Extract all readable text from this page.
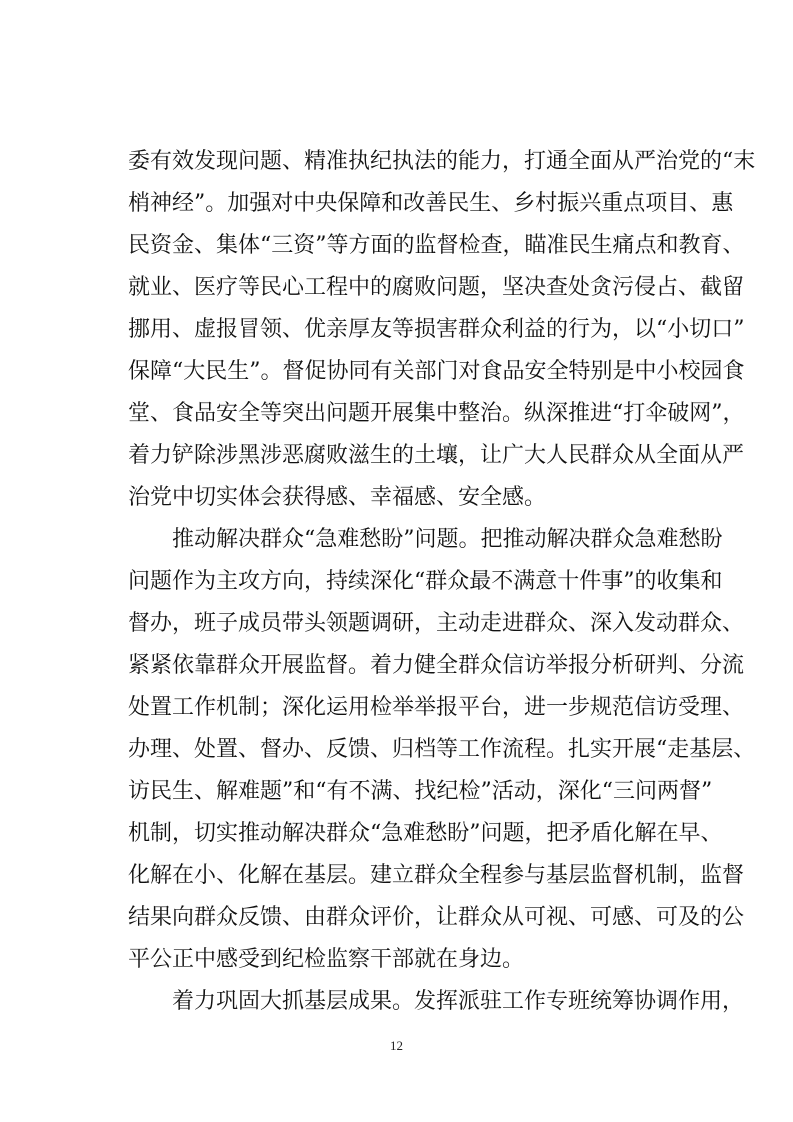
委有效发现问题、精准执纪执法的能力，打通全面从严治党的“末
梢神经”。加强对中央保障和改善民生、乡村振兴重点项目、惠
民资金、集体“三资”等方面的监督检查，瞄准民生痛点和教育、
就业、医疗等民心工程中的腐败问题，坚决查处贪污侵占、截留
挪用、虚报冒领、优亲厚友等损害群众利益的行为，以“小切口”
保障“大民生”。督促协同有关部门对食品安全特别是中小校园食
堂、食品安全等突出问题开展集中整治。纵深推进“打伞破网”，
着力铲除涉黑涉恶腐败滋生的土壤，让广大人民群众从全面从严
治党中切实体会获得感、幸福感、安全感。
推动解决群众“急难愁盼”问题。把推动解决群众急难愁盼
问题作为主攻方向，持续深化“群众最不满意十件事”的收集和
督办，班子成员带头领题调研，主动走进群众、深入发动群众、
紧紧依靠群众开展监督。着力健全群众信访举报分析研判、分流
处置工作机制；深化运用检举举报平台，进一步规范信访受理、
办理、处置、督办、反馈、归档等工作流程。扎实开展“走基层、
访民生、解难题”和“有不满、找纪检”活动，深化“三问两督”
机制，切实推动解决群众“急难愁盼”问题，把矛盾化解在早、
化解在小、化解在基层。建立群众全程参与基层监督机制，监督
结果向群众反馈、由群众评价，让群众从可视、可感、可及的公
平公正中感受到纪检监察干部就在身边。
着力巩固大抓基层成果。发挥派驻工作专班统筹协调作用，
12
